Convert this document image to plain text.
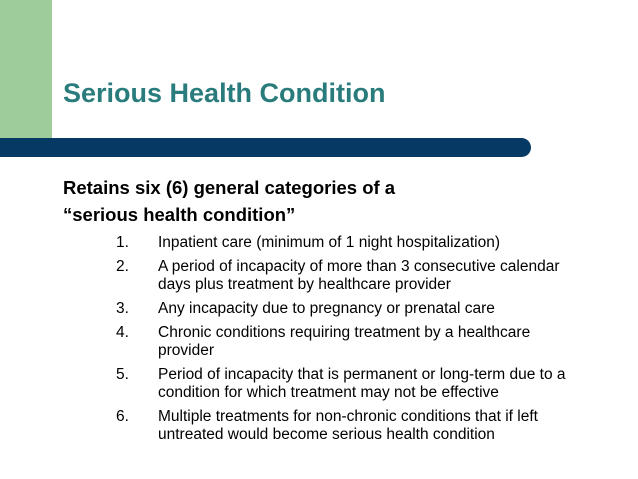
Serious Health Condition

Retains six (6) general categories of a
“serious health condition”

1.	Inpatient care (minimum of 1 night hospitalization)
2.	A period of incapacity of more than 3 consecutive calendar
days plus treatment by healthcare provider
3.	Any incapacity due to pregnancy or prenatal care
4.	Chronic conditions requiring treatment by a healthcare
provider
5.	Period of incapacity that is permanent or long-term due to a
condition for which treatment may not be effective
6.	Multiple treatments for non-chronic conditions that if left
untreated would become serious health condition
